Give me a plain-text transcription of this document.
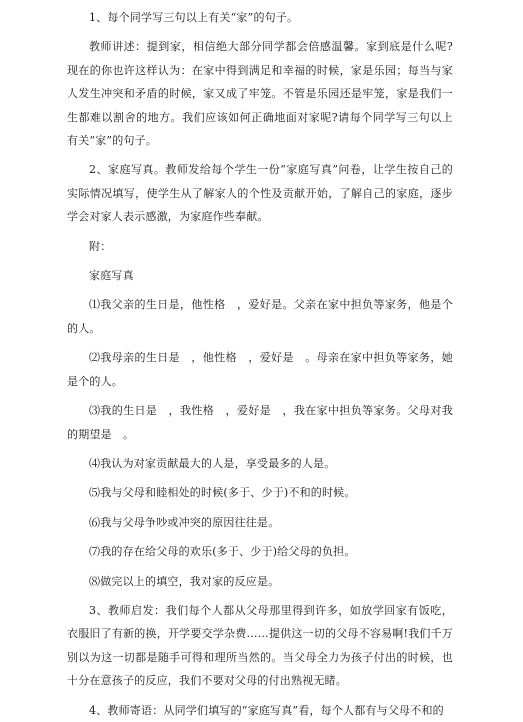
1、每个同学写三句以上有关“家”的句子。

教师讲述：提到家，相信绝大部分同学都会倍感温馨。家到底是什么呢?现在的你也许这样认为：在家中得到满足和幸福的时候，家是乐园；每当与家人发生冲突和矛盾的时候，家又成了牢笼。不管是乐园还是牢笼，家是我们一生都难以割舍的地方。我们应该如何正确地面对家呢?请每个同学写三句以上有关“家”的句子。

2、家庭写真。教师发给每个学生一份“家庭写真”问卷，让学生按自己的实际情况填写，使学生从了解家人的个性及贡献开始，了解自己的家庭，逐步学会对家人表示感激，为家庭作些奉献。

附：

家庭写真

⑴我父亲的生日是，他性格　，爱好是。父亲在家中担负等家务，他是个的人。

⑵我母亲的生日是　，他性格　，爱好是　。母亲在家中担负等家务，她是个的人。

⑶我的生日是　，我性格　，爱好是　，我在家中担负等家务。父母对我的期望是　。

⑷我认为对家贡献最大的人是，享受最多的人是。

⑸我与父母和睦相处的时候(多于、少于)不和的时候。

⑹我与父母争吵或冲突的原因往往是。

⑺我的存在给父母的欢乐(多于、少于)给父母的负担。

⑻做完以上的填空，我对家的反应是。

3、教师启发：我们每个人都从父母那里得到许多，如放学回家有饭吃，衣服旧了有新的换，开学要交学杂费……提供这一切的父母不容易啊!我们千万别以为这一切都是随手可得和理所当然的。当父母全力为孩子付出的时候，也十分在意孩子的反应，我们不要对父母的付出熟视无睹。

4、教师寄语：从同学们填写的“家庭写真”看，每个人都有与父母不和的
